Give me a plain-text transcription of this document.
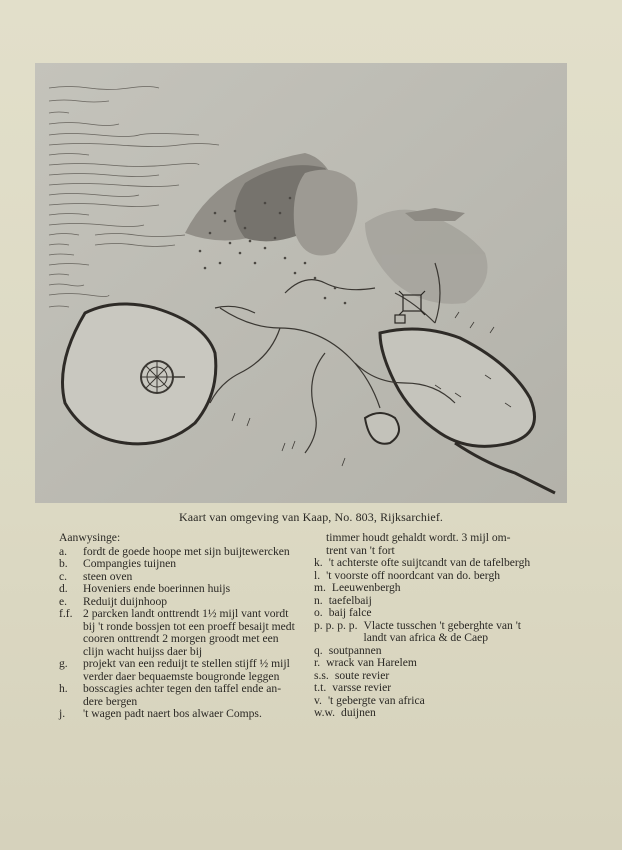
Kaart van omgeving van Kaap, No. 803, Rijksarchief.
Aanwysinge:
a.	fordt de goede hoope met sijn buijtewercken
b.	Compangies tuijnen
c.	steen oven
d.	Hoveniers ende boerinnen huijs
e.	Reduijt duijnhoop
f.f. 2 parcken landt onttrendt 1½ mijl vant vordt
bij 't ronde bossjen tot een proeff besaijt medt
cooren onttrendt 2 morgen groodt met een
clijn wacht huijss daer bij
g.	projekt van een reduijt te stellen stijff ½ mijl
verder daer bequaemste bougronde leggen
h.	bosscagies achter tegen den taffel ende an-
dere bergen
j.	't wagen padt naert bos alwaer Comps.
timmer houdt gehaldt wordt. 3 mijl om-
trent van 't fort
k. 't achterste ofte suijtcandt van de tafelbergh
l. 't voorste off noordcant van do. bergh
m. Leeuwenbergh
n. taefelbaij
o. baij falce
p. p. p. p. Vlacte tusschen 't geberghte van 't
landt van africa & de Caep
q. soutpannen
r. wrack van Harelem
s.s. soute revier
t.t. varsse revier
v. 't gebergte van africa
w.w. duijnen
